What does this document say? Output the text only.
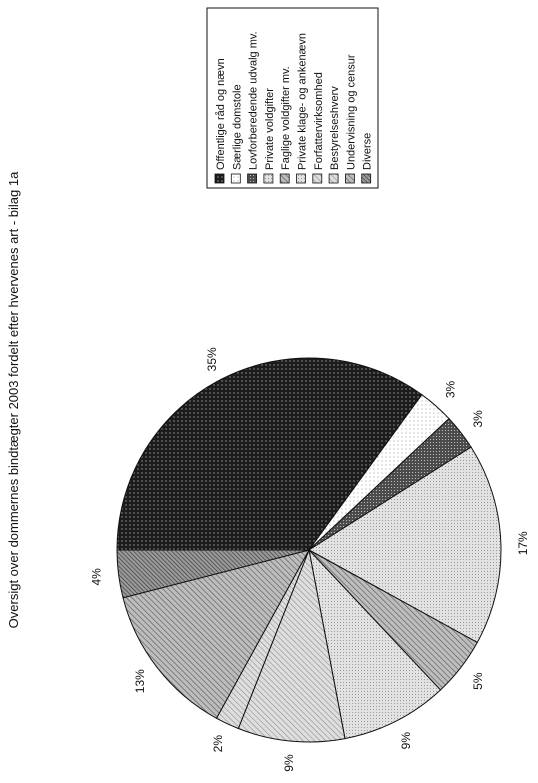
Oversigt over dommernes bindtægter 2003 fordelt efter hvervenes art - bilag 1a	35%
3%
3%
17%
5%
9%
9%
2%
13%
4%
Offentlige råd og nævn Særlige domstole Lovforberedende udvalg mv. Private voldgifter Faglige voldgifter mv. Private klage- og ankenævn Forfattervirksomhed Bestyrelseshverv Undervisning og censur Diverse
